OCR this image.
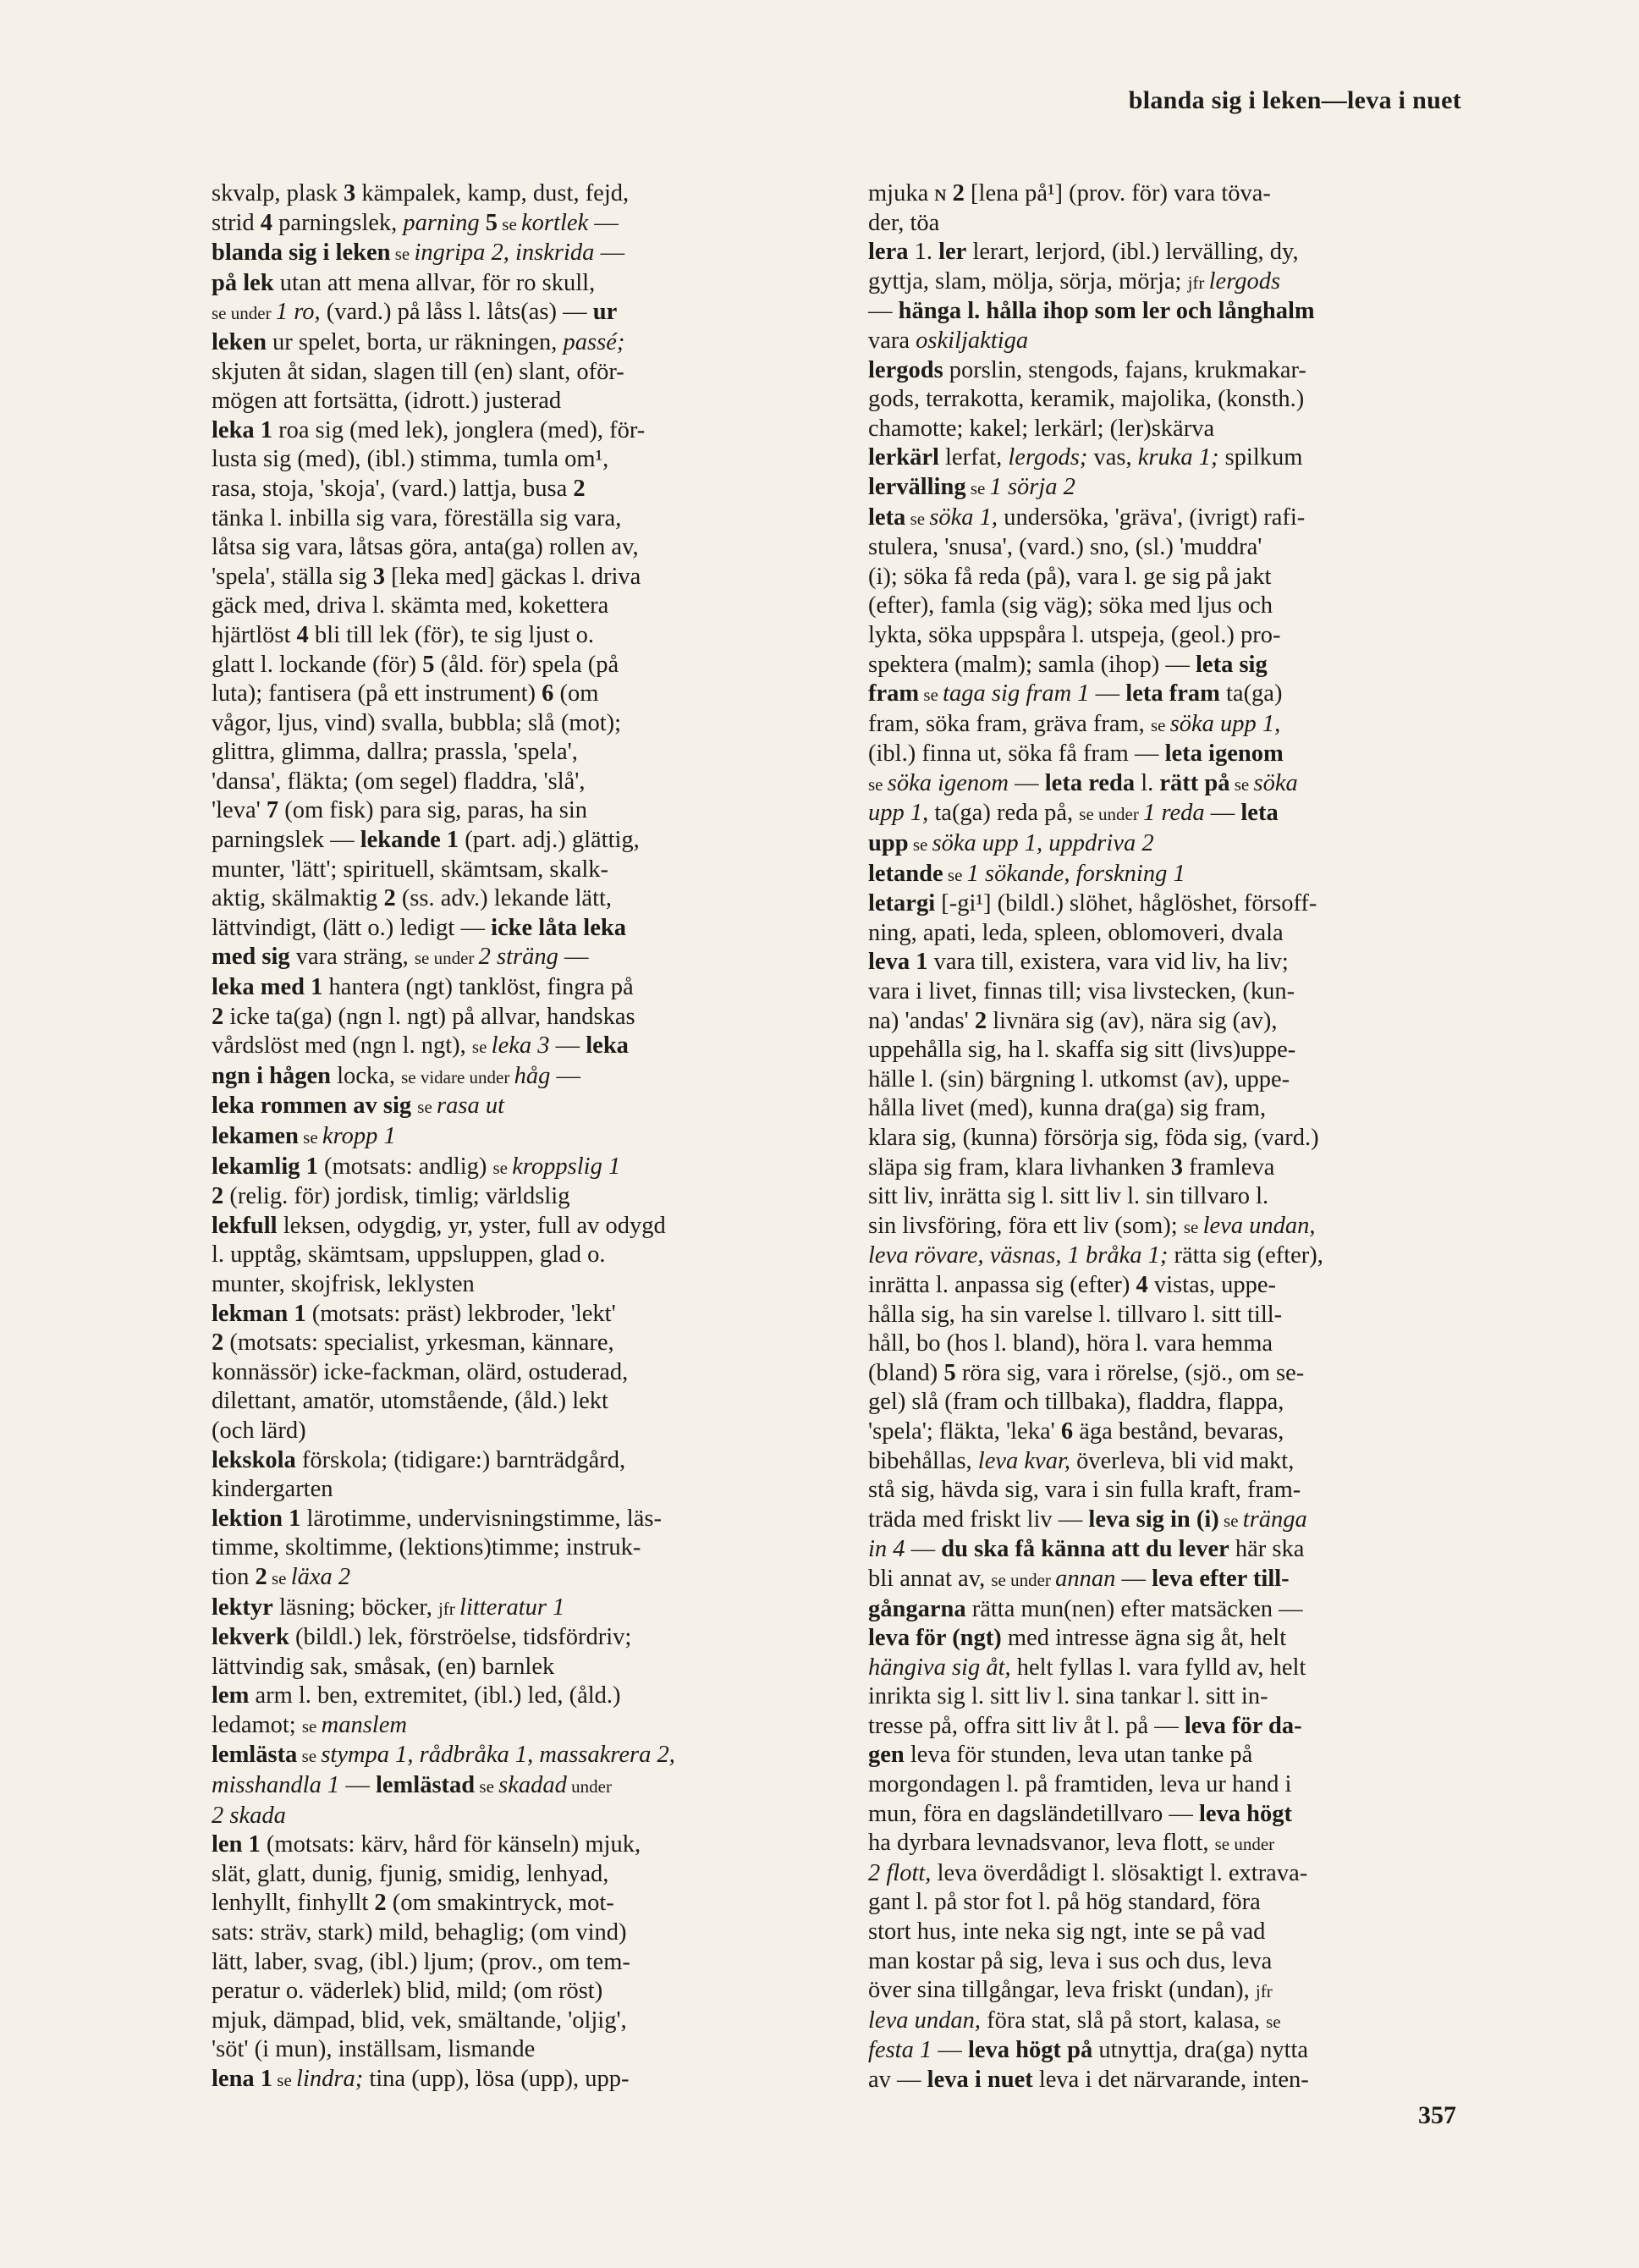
blanda sig i leken—leva i nuet
skvalp, plask 3 kämpalek, kamp, dust, fejd,
strid 4 parningslek, parning 5 se kortlek —
blanda sig i leken se ingripa 2, inskrida —
på lek utan att mena allvar, för ro skull,
se under 1 ro, (vard.) på låss l. låts(as) — ur
leken ur spelet, borta, ur räkningen, passé;
skjuten åt sidan, slagen till (en) slant, oför-
mögen att fortsätta, (idrott.) justerad
leka 1 roa sig (med lek), jonglera (med), för-
lusta sig (med), (ibl.) stimma, tumla om¹,
rasa, stoja, 'skoja', (vard.) lattja, busa 2
tänka l. inbilla sig vara, föreställa sig vara,
låtsa sig vara, låtsas göra, anta(ga) rollen av,
'spela', ställa sig 3 [leka med] gäckas l. driva
gäck med, driva l. skämta med, kokettera
hjärtlöst 4 bli till lek (för), te sig ljust o.
glatt l. lockande (för) 5 (åld. för) spela (på
luta); fantisera (på ett instrument) 6 (om
vågor, ljus, vind) svalla, bubbla; slå (mot);
glittra, glimma, dallra; prassla, 'spela',
'dansa', fläkta; (om segel) fladdra, 'slå',
'leva' 7 (om fisk) para sig, paras, ha sin
parningslek — lekande 1 (part. adj.) glättig,
munter, 'lätt'; spirituell, skämtsam, skalk-
aktig, skälmaktig 2 (ss. adv.) lekande lätt,
lättvindigt, (lätt o.) ledigt — icke låta leka
med sig vara sträng, se under 2 sträng —
leka med 1 hantera (ngt) tanklöst, fingra på
2 icke ta(ga) (ngn l. ngt) på allvar, handskas
vårdslöst med (ngn l. ngt), se leka 3 — leka
ngn i hågen locka, se vidare under håg —
leka rommen av sig se rasa ut
lekamen se kropp 1
lekamlig 1 (motsats: andlig) se kroppslig 1
2 (relig. för) jordisk, timlig; världslig
lekfull leksen, odygdig, yr, yster, full av odygd
l. upptåg, skämtsam, uppsluppen, glad o.
munter, skojfrisk, leklysten
lekman 1 (motsats: präst) lekbroder, 'lekt'
2 (motsats: specialist, yrkesman, kännare,
konnässör) icke-fackman, olärd, ostuderad,
dilettant, amatör, utomstående, (åld.) lekt
(och lärd)
lekskola förskola; (tidigare:) barnträdgård,
kindergarten
lektion 1 lärotimme, undervisningstimme, läs-
timme, skoltimme, (lektions)timme; instruk-
tion 2 se läxa 2
lektyr läsning; böcker, jfr litteratur 1
lekverk (bildl.) lek, förströelse, tidsfördriv;
lättvindig sak, småsak, (en) barnlek
lem arm l. ben, extremitet, (ibl.) led, (åld.)
ledamot; se manslem
lemlästa se stympa 1, rådbråka 1, massakrera 2,
misshandla 1 — lemlästad se skadad under
2 skada
len 1 (motsats: kärv, hård för känseln) mjuk,
slät, glatt, dunig, fjunig, smidig, lenhyad,
lenhyllt, finhyllt 2 (om smakintryck, mot-
sats: sträv, stark) mild, behaglig; (om vind)
lätt, laber, svag, (ibl.) ljum; (prov., om tem-
peratur o. väderlek) blid, mild; (om röst)
mjuk, dämpad, blid, vek, smältande, 'oljig',
'söt' (i mun), inställsam, lismande
lena 1 se lindra; tina (upp), lösa (upp), upp-
mjuka ɴ 2 [lena på¹] (prov. för) vara töva-
der, töa
lera 1. ler lerart, lerjord, (ibl.) lervälling, dy,
gyttja, slam, mölja, sörja, mörja; jfr lergods
— hänga l. hålla ihop som ler och långhalm
vara oskiljaktiga
lergods porslin, stengods, fajans, krukmakar-
gods, terrakotta, keramik, majolika, (konsth.)
chamotte; kakel; lerkärl; (ler)skärva
lerkärl lerfat, lergods; vas, kruka 1; spilkum
lervälling se 1 sörja 2
leta se söka 1, undersöka, 'gräva', (ivrigt) rafi-
stulera, 'snusa', (vard.) sno, (sl.) 'muddra'
(i); söka få reda (på), vara l. ge sig på jakt
(efter), famla (sig väg); söka med ljus och
lykta, söka uppspåra l. utspeja, (geol.) pro-
spektera (malm); samla (ihop) — leta sig
fram se taga sig fram 1 — leta fram ta(ga)
fram, söka fram, gräva fram, se söka upp 1,
(ibl.) finna ut, söka få fram — leta igenom
se söka igenom — leta reda l. rätt på se söka
upp 1, ta(ga) reda på, se under 1 reda — leta
upp se söka upp 1, uppdriva 2
letande se 1 sökande, forskning 1
letargi [-gi¹] (bildl.) slöhet, håglöshet, försoff-
ning, apati, leda, spleen, oblomoveri, dvala
leva 1 vara till, existera, vara vid liv, ha liv;
vara i livet, finnas till; visa livstecken, (kun-
na) 'andas' 2 livnära sig (av), nära sig (av),
uppehålla sig, ha l. skaffa sig sitt (livs)uppe-
hälle l. (sin) bärgning l. utkomst (av), uppe-
hålla livet (med), kunna dra(ga) sig fram,
klara sig, (kunna) försörja sig, föda sig, (vard.)
släpa sig fram, klara livhanken 3 framleva
sitt liv, inrätta sig l. sitt liv l. sin tillvaro l.
sin livsföring, föra ett liv (som); se leva undan,
leva rövare, väsnas, 1 bråka 1; rätta sig (efter),
inrätta l. anpassa sig (efter) 4 vistas, uppe-
hålla sig, ha sin varelse l. tillvaro l. sitt till-
håll, bo (hos l. bland), höra l. vara hemma
(bland) 5 röra sig, vara i rörelse, (sjö., om se-
gel) slå (fram och tillbaka), fladdra, flappa,
'spela'; fläkta, 'leka' 6 äga bestånd, bevaras,
bibehållas, leva kvar, överleva, bli vid makt,
stå sig, hävda sig, vara i sin fulla kraft, fram-
träda med friskt liv — leva sig in (i) se tränga
in 4 — du ska få känna att du lever här ska
bli annat av, se under annan — leva efter till-
gångarna rätta mun(nen) efter matsäcken —
leva för (ngt) med intresse ägna sig åt, helt
hängiva sig åt, helt fyllas l. vara fylld av, helt
inrikta sig l. sitt liv l. sina tankar l. sitt in-
tresse på, offra sitt liv åt l. på — leva för da-
gen leva för stunden, leva utan tanke på
morgondagen l. på framtiden, leva ur hand i
mun, föra en dagsländetillvaro — leva högt
ha dyrbara levnadsvanor, leva flott, se under
2 flott, leva överdådigt l. slösaktigt l. extrava-
gant l. på stor fot l. på hög standard, föra
stort hus, inte neka sig ngt, inte se på vad
man kostar på sig, leva i sus och dus, leva
över sina tillgångar, leva friskt (undan), jfr
leva undan, föra stat, slå på stort, kalasa, se
festa 1 — leva högt på utnyttja, dra(ga) nytta
av — leva i nuet leva i det närvarande, inten-
357
